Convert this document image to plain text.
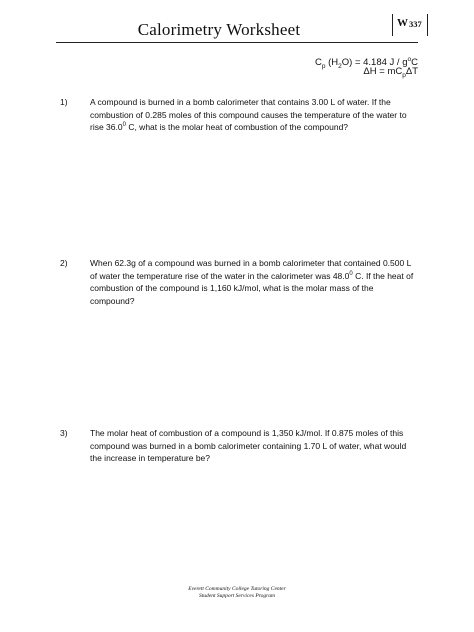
Calorimetry Worksheet	W 337
$C_p$ $(H_2O) = 4.184$ J / $g^oC$
$\Delta H = mC_p\Delta T$
1)	A compound is burned in a bomb calorimeter that contains 3.00 L of water. If the combustion of 0.285 moles of this compound causes the temperature of the water to rise 36.0$^0$ C, what is the molar heat of combustion of the compound?
2)	When 62.3g of a compound was burned in a bomb calorimeter that contained 0.500 L of water the temperature rise of the water in the calorimeter was 48.0$^0$ C. If the heat of combustion of the compound is 1,160 kJ/mol, what is the molar mass of the compound?
3)	The molar heat of combustion of a compound is 1,350 kJ/mol. If 0.875 moles of this compound was burned in a bomb calorimeter containing 1.70 L of water, what would the increase in temperature be?
Everett Community College Tutoring Center
Student Support Services Program
